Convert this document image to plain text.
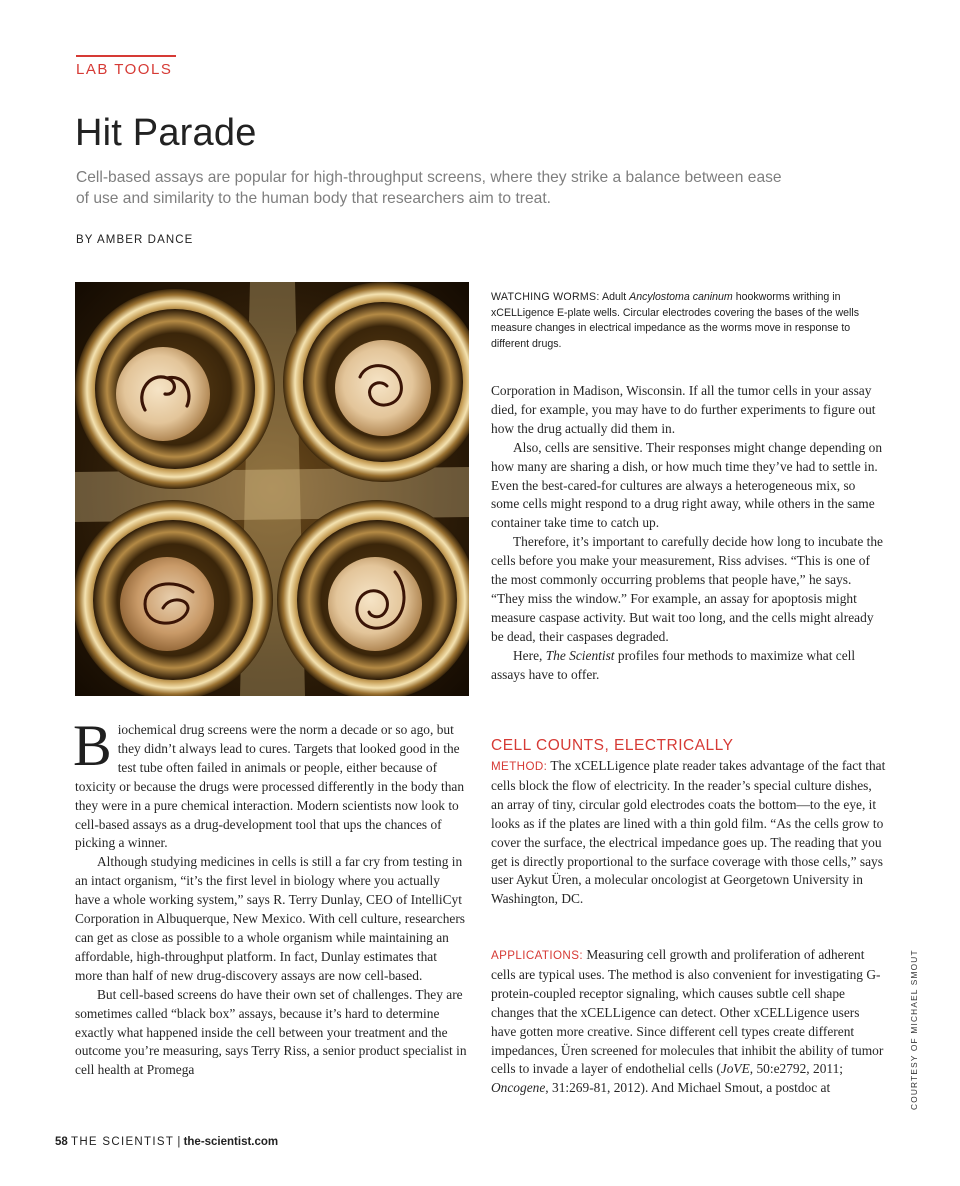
LAB TOOLS
Hit Parade

Cell-based assays are popular for high-throughput screens, where they strike a balance between ease of use and similarity to the human body that researchers aim to treat.

BY AMBER DANCE

WATCHING WORMS: Adult Ancylostoma caninum hookworms writhing in xCELLigence E-plate wells. Circular electrodes covering the bases of the wells measure changes in electrical impedance as the worms move in response to different drugs.

Biochemical drug screens were the norm a decade or so ago, but they didn’t always lead to cures. Targets that looked good in the test tube often failed in animals or people, either because of toxicity or because the drugs were processed differently in the body than they were in a pure chemical interaction. Modern scientists now look to cell-based assays as a drug-development tool that ups the chances of picking a winner.

Although studying medicines in cells is still a far cry from testing in an intact organism, “it’s the first level in biology where you actually have a whole working system,” says R. Terry Dunlay, CEO of IntelliCyt Corporation in Albuquerque, New Mexico. With cell culture, researchers can get as close as possible to a whole organism while maintaining an affordable, high-throughput platform. In fact, Dunlay estimates that more than half of new drug-discovery assays are now cell-based.

But cell-based screens do have their own set of challenges. They are sometimes called “black box” assays, because it’s hard to determine exactly what happened inside the cell between your treatment and the outcome you’re measuring, says Terry Riss, a senior product specialist in cell health at Promega

Corporation in Madison, Wisconsin. If all the tumor cells in your assay died, for example, you may have to do further experiments to figure out how the drug actually did them in.

Also, cells are sensitive. Their responses might change depending on how many are sharing a dish, or how much time they’ve had to settle in. Even the best-cared-for cultures are always a heterogeneous mix, so some cells might respond to a drug right away, while others in the same container take time to catch up.

Therefore, it’s important to carefully decide how long to incubate the cells before you make your measurement, Riss advises. “This is one of the most commonly occurring problems that people have,” he says. “They miss the window.” For example, an assay for apoptosis might measure caspase activity. But wait too long, and the cells might already be dead, their caspases degraded.

Here, The Scientist profiles four methods to maximize what cell assays have to offer.

CELL COUNTS, ELECTRICALLY

METHOD: The xCELLigence plate reader takes advantage of the fact that cells block the flow of electricity. In the reader’s special culture dishes, an array of tiny, circular gold electrodes coats the bottom—to the eye, it looks as if the plates are lined with a thin gold film. “As the cells grow to cover the surface, the electrical impedance goes up. The reading that you get is directly proportional to the surface coverage with those cells,” says user Aykut Üren, a molecular oncologist at Georgetown University in Washington, DC.

APPLICATIONS: Measuring cell growth and proliferation of adherent cells are typical uses. The method is also convenient for investigating G-protein-coupled receptor signaling, which causes subtle cell shape changes that the xCELLigence can detect. Other xCELLigence users have gotten more creative. Since different cell types create different impedances, Üren screened for molecules that inhibit the ability of tumor cells to invade a layer of endothelial cells (JoVE, 50:e2792, 2011; Oncogene, 31:269-81, 2012). And Michael Smout, a postdoc at	COURTESY OF MICHAEL SMOUT
58 THE SCIENTIST | the-scientist.com
